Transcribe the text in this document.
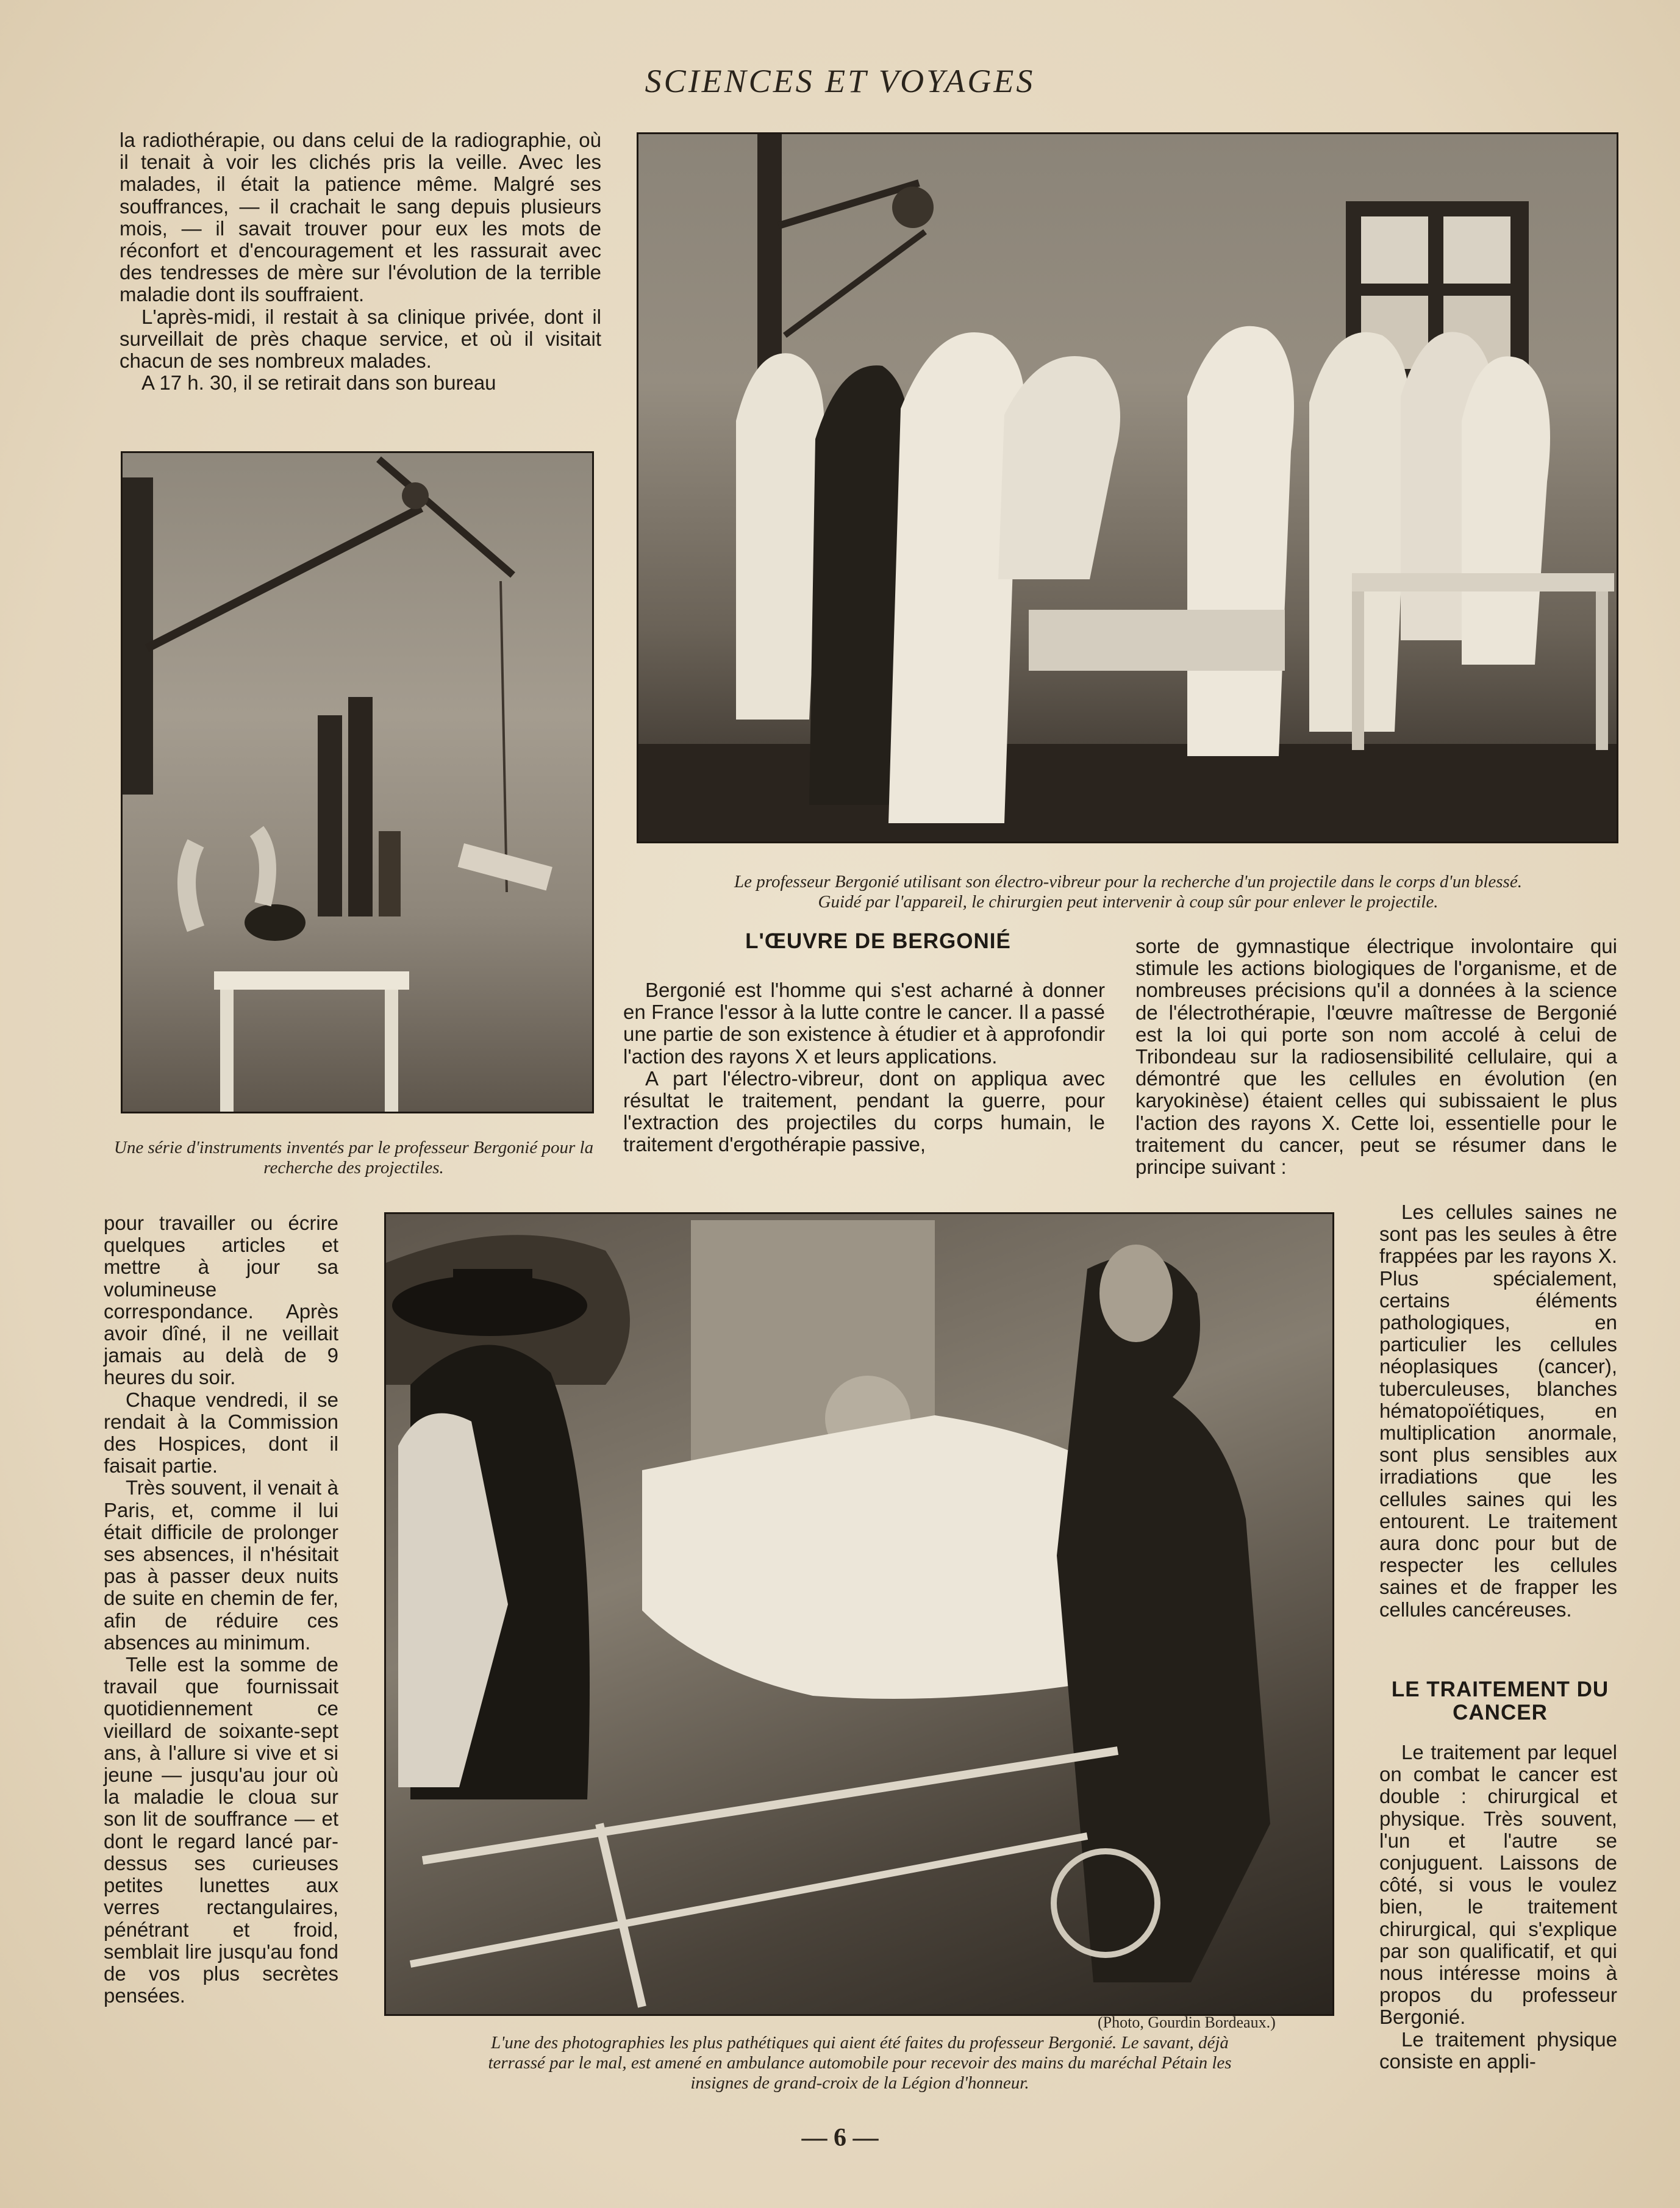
SCIENCES ET VOYAGES

la radiothérapie, ou dans celui de la radiographie, où il tenait à voir les clichés pris la veille. Avec les malades, il était la patience même. Malgré ses souffrances, — il crachait le sang depuis plusieurs mois, — il savait trouver pour eux les mots de réconfort et d'encouragement et les rassurait avec des tendresses de mère sur l'évolution de la terrible maladie dont ils souffraient.

L'après-midi, il restait à sa clinique privée, dont il surveillait de près chaque service, et où il visitait chacun de ses nombreux malades.

A 17 h. 30, il se retirait dans son bureau

Une série d'instruments inventés par le professeur Bergonié pour la recherche des projectiles.
Le professeur Bergonié utilisant son électro-vibreur pour la recherche d'un projectile dans le corps d'un blessé.
Guidé par l'appareil, le chirurgien peut intervenir à coup sûr pour enlever le projectile.
L'ŒUVRE DE BERGONIÉ

Bergonié est l'homme qui s'est acharné à donner en France l'essor à la lutte contre le cancer. Il a passé une partie de son existence à étudier et à approfondir l'action des rayons X et leurs applications.

A part l'électro-vibreur, dont on appliqua avec résultat le traitement, pendant la guerre, pour l'extraction des projectiles du corps humain, le traitement d'ergothérapie passive,

sorte de gymnastique électrique involontaire qui stimule les actions biologiques de l'organisme, et de nombreuses précisions qu'il a données à la science de l'électrothérapie, l'œuvre maîtresse de Bergonié est la loi qui porte son nom accolé à celui de Tribondeau sur la radiosensibilité cellulaire, qui a démontré que les cellules en évolution (en karyokinèse) étaient celles qui subissaient le plus l'action des rayons X. Cette loi, essentielle pour le traitement du cancer, peut se résumer dans le principe suivant :

(Photo, Gourdin Bordeaux.)
L'une des photographies les plus pathétiques qui aient été faites du professeur Bergonié. Le savant, déjà
terrassé par le mal, est amené en ambulance automobile pour recevoir des mains du maréchal Pétain les
insignes de grand-croix de la Légion d'honneur.

pour travailler ou écrire quelques articles et mettre à jour sa volumineuse correspondance. Après avoir dîné, il ne veillait jamais au delà de 9 heures du soir.

Chaque vendredi, il se rendait à la Commission des Hospices, dont il faisait partie.

Très souvent, il venait à Paris, et, comme il lui était difficile de prolonger ses absences, il n'hésitait pas à passer deux nuits de suite en chemin de fer, afin de réduire ces absences au minimum.

Telle est la somme de travail que fournissait quotidiennement ce vieillard de soixante-sept ans, à l'allure si vive et si jeune — jusqu'au jour où la maladie le cloua sur son lit de souffrance — et dont le regard lancé par-dessus ses curieuses petites lunettes aux verres rectangulaires, pénétrant et froid, semblait lire jusqu'au fond de vos plus secrètes pensées.

Les cellules saines ne sont pas les seules à être frappées par les rayons X. Plus spécialement, certains éléments pathologiques, en particulier les cellules néoplasiques (cancer), tuberculeuses, blanches hématopoïétiques, en multiplication anormale, sont plus sensibles aux irradiations que les cellules saines qui les entourent. Le traitement aura donc pour but de respecter les cellules saines et de frapper les cellules cancéreuses.

LE TRAITEMENT DU CANCER

Le traitement par lequel on combat le cancer est double : chirurgical et physique. Très souvent, l'un et l'autre se conjuguent. Laissons de côté, si vous le voulez bien, le traitement chirurgical, qui s'explique par son qualificatif, et qui nous intéresse moins à propos du professeur Bergonié.

Le traitement physique consiste en appli-

— 6 —
